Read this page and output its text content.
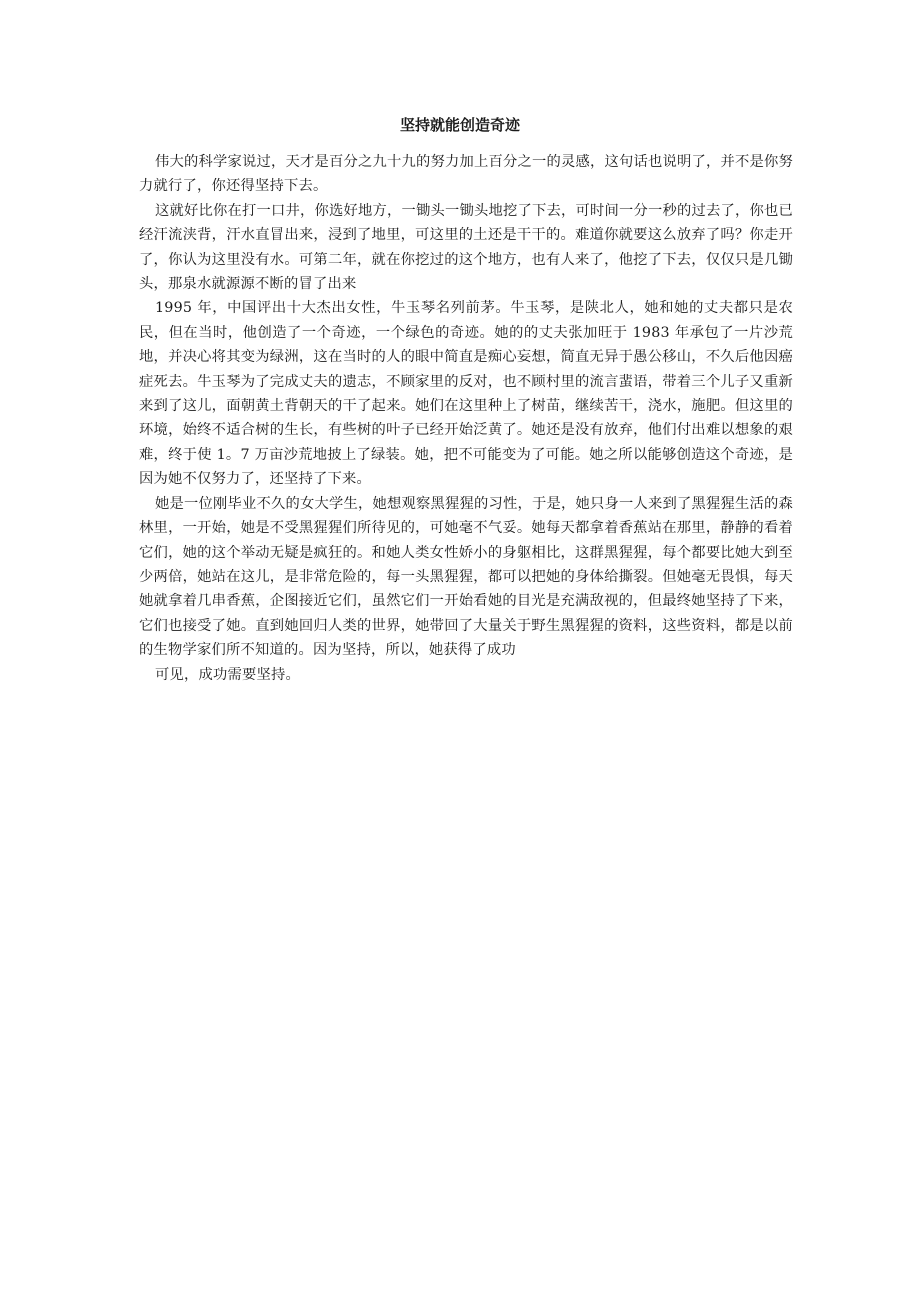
坚持就能创造奇迹

伟大的科学家说过，天才是百分之九十九的努力加上百分之一的灵感，这句话也说明了，并不是你努力就行了，你还得坚持下去。

这就好比你在打一口井，你选好地方，一锄头一锄头地挖了下去，可时间一分一秒的过去了，你也已经汗流浃背，汗水直冒出来，浸到了地里，可这里的土还是干干的。难道你就要这么放弃了吗？你走开了，你认为这里没有水。可第二年，就在你挖过的这个地方，也有人来了，他挖了下去，仅仅只是几锄头，那泉水就源源不断的冒了出来

1995 年，中国评出十大杰出女性，牛玉琴名列前茅。牛玉琴，是陕北人，她和她的丈夫都只是农民，但在当时，他创造了一个奇迹，一个绿色的奇迹。她的的丈夫张加旺于 1983 年承包了一片沙荒地，并决心将其变为绿洲，这在当时的人的眼中简直是痴心妄想，简直无异于愚公移山，不久后他因癌症死去。牛玉琴为了完成丈夫的遗志，不顾家里的反对，也不顾村里的流言蜚语，带着三个儿子又重新来到了这儿，面朝黄土背朝天的干了起来。她们在这里种上了树苗，继续苦干，浇水，施肥。但这里的环境，始终不适合树的生长，有些树的叶子已经开始泛黄了。她还是没有放弃，他们付出难以想象的艰难，终于使 1。7 万亩沙荒地披上了绿装。她，把不可能变为了可能。她之所以能够创造这个奇迹，是因为她不仅努力了，还坚持了下来。

她是一位刚毕业不久的女大学生，她想观察黑猩猩的习性，于是，她只身一人来到了黑猩猩生活的森林里，一开始，她是不受黑猩猩们所待见的，可她毫不气妥。她每天都拿着香蕉站在那里，静静的看着它们，她的这个举动无疑是疯狂的。和她人类女性娇小的身躯相比，这群黑猩猩，每个都要比她大到至少两倍，她站在这儿，是非常危险的，每一头黑猩猩，都可以把她的身体给撕裂。但她毫无畏惧，每天她就拿着几串香蕉，企图接近它们，虽然它们一开始看她的目光是充满敌视的，但最终她坚持了下来，它们也接受了她。直到她回归人类的世界，她带回了大量关于野生黑猩猩的资料，这些资料，都是以前的生物学家们所不知道的。因为坚持，所以，她获得了成功

可见，成功需要坚持。
